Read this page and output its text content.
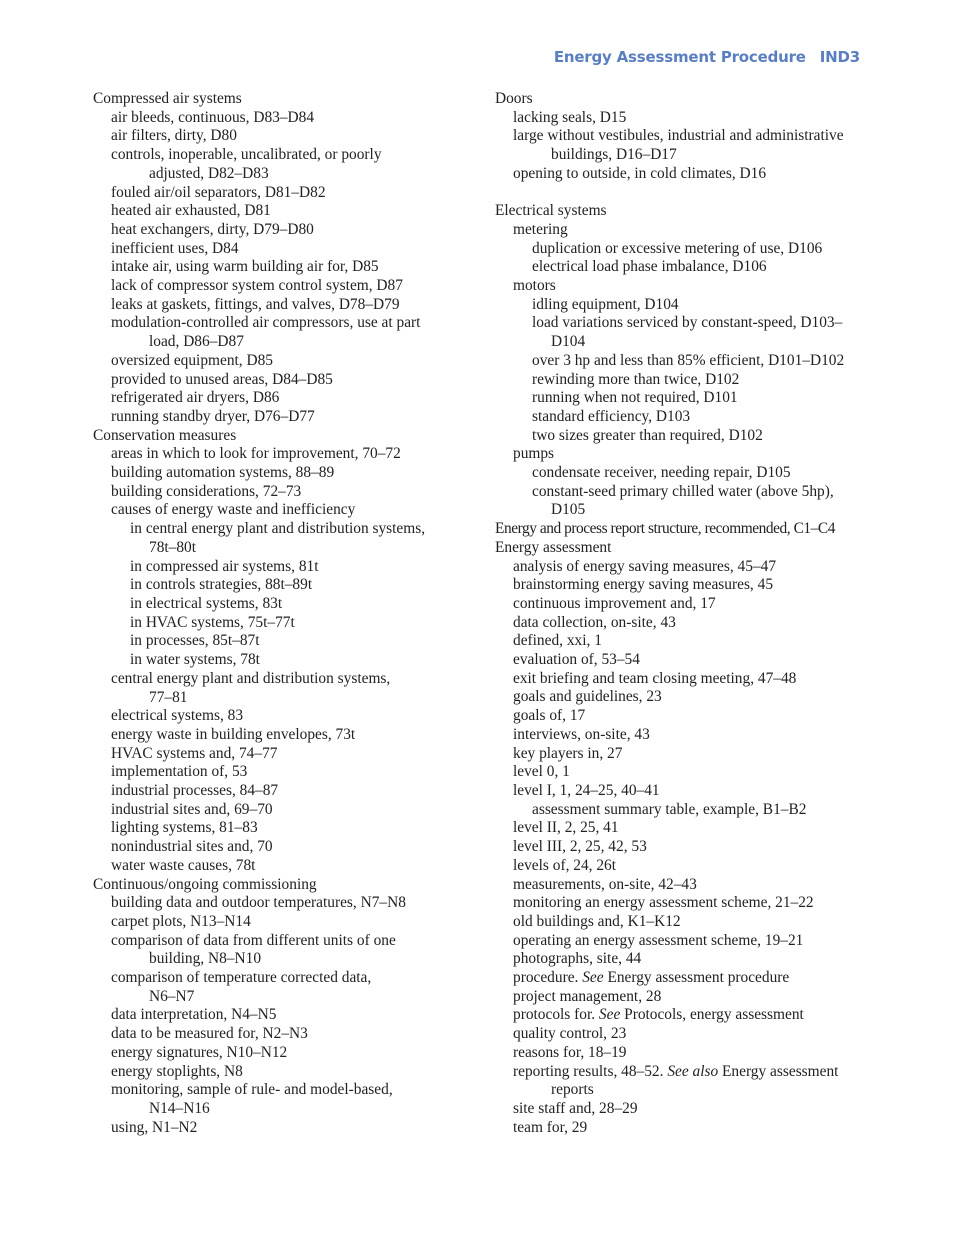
Energy Assessment Procedure IND3
Compressed air systems
air bleeds, continuous, D83–D84
air filters, dirty, D80
controls, inoperable, uncalibrated, or poorly
adjusted, D82–D83
fouled air/oil separators, D81–D82
heated air exhausted, D81
heat exchangers, dirty, D79–D80
inefficient uses, D84
intake air, using warm building air for, D85
lack of compressor system control system, D87
leaks at gaskets, fittings, and valves, D78–D79
modulation-controlled air compressors, use at part
load, D86–D87
oversized equipment, D85
provided to unused areas, D84–D85
refrigerated air dryers, D86
running standby dryer, D76–D77
Conservation measures
areas in which to look for improvement, 70–72
building automation systems, 88–89
building considerations, 72–73
causes of energy waste and inefficiency
in central energy plant and distribution systems,
78t–80t
in compressed air systems, 81t
in controls strategies, 88t–89t
in electrical systems, 83t
in HVAC systems, 75t–77t
in processes, 85t–87t
in water systems, 78t
central energy plant and distribution systems,
77–81
electrical systems, 83
energy waste in building envelopes, 73t
HVAC systems and, 74–77
implementation of, 53
industrial processes, 84–87
industrial sites and, 69–70
lighting systems, 81–83
nonindustrial sites and, 70
water waste causes, 78t
Continuous/ongoing commissioning
building data and outdoor temperatures, N7–N8
carpet plots, N13–N14
comparison of data from different units of one
building, N8–N10
comparison of temperature corrected data,
N6–N7
data interpretation, N4–N5
data to be measured for, N2–N3
energy signatures, N10–N12
energy stoplights, N8
monitoring, sample of rule- and model-based,
N14–N16
using, N1–N2
Doors
lacking seals, D15
large without vestibules, industrial and administrative
buildings, D16–D17
opening to outside, in cold climates, D16
Electrical systems
metering
duplication or excessive metering of use, D106
electrical load phase imbalance, D106
motors
idling equipment, D104
load variations serviced by constant-speed, D103–
D104
over 3 hp and less than 85% efficient, D101–D102
rewinding more than twice, D102
running when not required, D101
standard efficiency, D103
two sizes greater than required, D102
pumps
condensate receiver, needing repair, D105
constant-seed primary chilled water (above 5hp),
D105
Energy and process report structure, recommended, C1–C4
Energy assessment
analysis of energy saving measures, 45–47
brainstorming energy saving measures, 45
continuous improvement and, 17
data collection, on-site, 43
defined, xxi, 1
evaluation of, 53–54
exit briefing and team closing meeting, 47–48
goals and guidelines, 23
goals of, 17
interviews, on-site, 43
key players in, 27
level 0, 1
level I, 1, 24–25, 40–41
assessment summary table, example, B1–B2
level II, 2, 25, 41
level III, 2, 25, 42, 53
levels of, 24, 26t
measurements, on-site, 42–43
monitoring an energy assessment scheme, 21–22
old buildings and, K1–K12
operating an energy assessment scheme, 19–21
photographs, site, 44
procedure. See Energy assessment procedure
project management, 28
protocols for. See Protocols, energy assessment
quality control, 23
reasons for, 18–19
reporting results, 48–52. See also Energy assessment
reports
site staff and, 28–29
team for, 29
